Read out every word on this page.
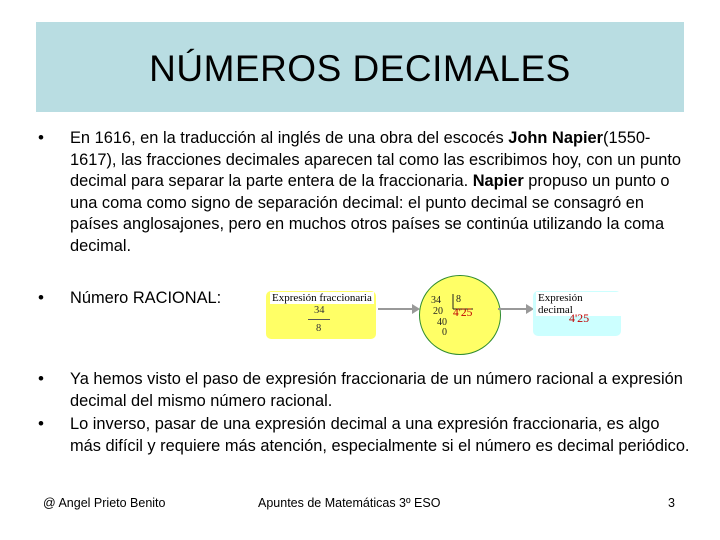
NÚMEROS DECIMALES
• En 1616, en la traducción al inglés de una obra del escocés John Napier(1550-1617), las fracciones decimales aparecen tal como las escribimos hoy, con un punto decimal para separar la parte entera de la fraccionaria. Napier propuso un punto o una coma como signo de separación decimal: el punto decimal se consagró en países anglosajones, pero en muchos otros países se continúa utilizando la coma decimal.
• Número RACIONAL:
• Ya hemos visto el paso de expresión fraccionaria de un número racional a expresión decimal del mismo número racional.
• Lo inverso, pasar de una expresión decimal a una expresión fraccionaria, es algo más difícil y requiere más atención, especialmente si el número es decimal periódico.
Expresión fraccionaria
34
8
34 8
20 4'25
40
0
Expresión decimal
4'25
@ Angel Prieto Benito	Apuntes de Matemáticas 3º ESO	3
